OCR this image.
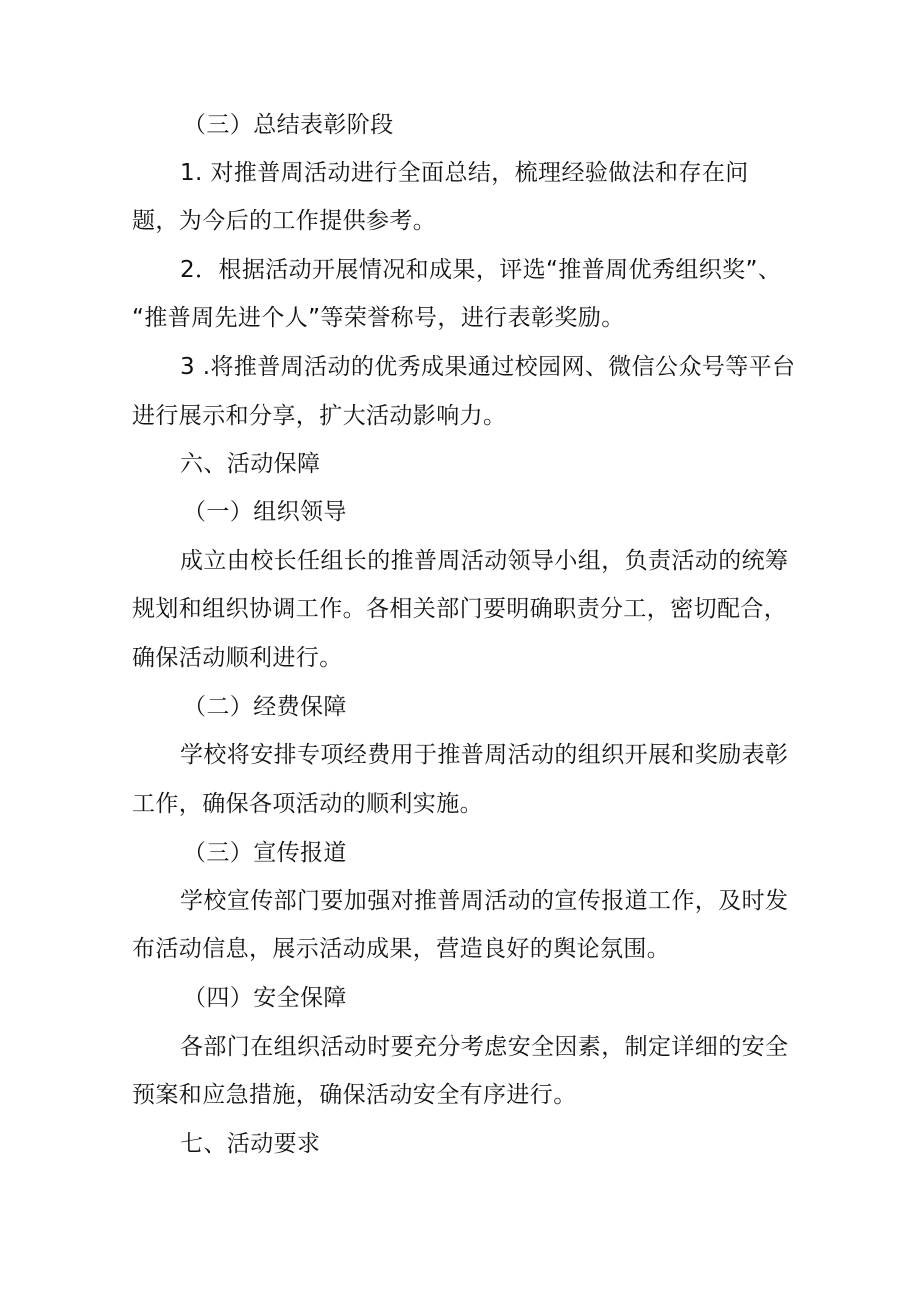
（三）总结表彰阶段
1. 对推普周活动进行全面总结，梳理经验做法和存在问
题，为今后的工作提供参考。
2．根据活动开展情况和成果，评选“推普周优秀组织奖”、
“推普周先进个人”等荣誉称号，进行表彰奖励。
3 .将推普周活动的优秀成果通过校园网、微信公众号等平台
进行展示和分享，扩大活动影响力。
六、活动保障
（一）组织领导
成立由校长任组长的推普周活动领导小组，负责活动的统筹
规划和组织协调工作。各相关部门要明确职责分工，密切配合，
确保活动顺利进行。
（二）经费保障
学校将安排专项经费用于推普周活动的组织开展和奖励表彰
工作，确保各项活动的顺利实施。
（三）宣传报道
学校宣传部门要加强对推普周活动的宣传报道工作，及时发
布活动信息，展示活动成果，营造良好的舆论氛围。
（四）安全保障
各部门在组织活动时要充分考虑安全因素，制定详细的安全
预案和应急措施，确保活动安全有序进行。
七、活动要求
